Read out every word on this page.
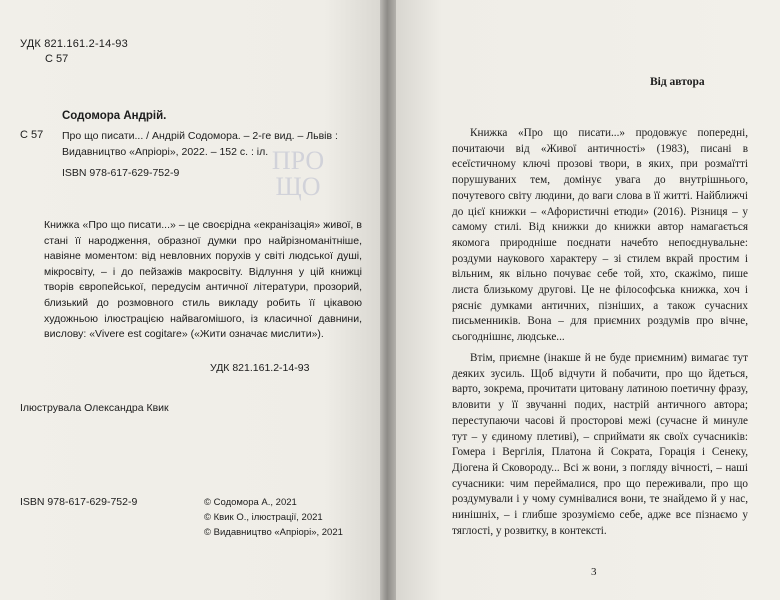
ПРО
ЩО
УДК 821.161.2-14-93
С 57
Содомора Андрій.
С 57 Про що писати... / Андрій Содомора. – 2-ге вид. – Львів : Видавництво «Апріорі», 2022. – 152 с. : іл.
ISBN 978-617-629-752-9
Книжка «Про що писати...» – це своєрідна «екранізація» живої, в стані її народження, образної думки про найрізноманітніше, навіяне моментом: від невловних поруxів у світі людської душі, мікросвіту, – і до пейзажів макросвіту. Відлуння у цій книжці творів європейської, передусім античної літератури, прозорий, близький до розмовного стиль викладу робить її цікавою художньою ілюстрацією найвагомішого, із класичної давнини, вислову: «Vivere est cogitare» («Жити означає мислити»).
УДК 821.161.2-14-93
Ілюструвала Олександра Квик
ISBN 978-617-629-752-9	© Содомора А., 2021
© Квик О., ілюстрації, 2021
© Видавництво «Апріорі», 2021
Від автора
Книжка «Про що писати...» продовжує попередні, почитаючи від «Живої античності» (1983), писані в есеїстичному ключі прозові твори, в яких, при розмаїтті порушуваних тем, домінує увага до внутрішнього, почутевого світу людини, до ваги слова в її житті. Найближчі до цієї книжки – «Афористичні етюди» (2016). Різниця – у самому стилі. Від книжки до книжки автор намагається якомога природніше поєднати начебто непоєднувальне: роздуми наукового характеру – зі стилем вкрай простим і вільним, як вільно почуває себе той, хто, скажімо, пише листа близькому другові. Це не філософська книжка, хоч і рясніє думками античних, пізніших, а також сучасних письменників. Вона – для приємних роздумів про вічне, сьогоднішнє, людське...
Втім, приємне (інакше й не буде приємним) вимагає тут деяких зусиль. Щоб відчути й побачити, про що йдеться, варто, зокрема, прочитати цитовану латиною поетичну фразу, вловити у її звучанні подих, настрій античного автора; переступаючи часові й просторові межі (сучасне й минуле тут – у єдиному плетиві), – сприймати як своїх сучасників: Гомера і Вергілія, Платона й Сократа, Горація і Сенеку, Діогена й Сковороду... Всі ж вони, з погляду вічності, – наші сучасники: чим переймалися, про що переживали, про що роздумували і у чому сумнівалися вони, те знайдемо й у нас, нинішніх, – і глибше зрозуміємо себе, адже все пізнаємо у тяглості, у розвитку, в контексті.
3
